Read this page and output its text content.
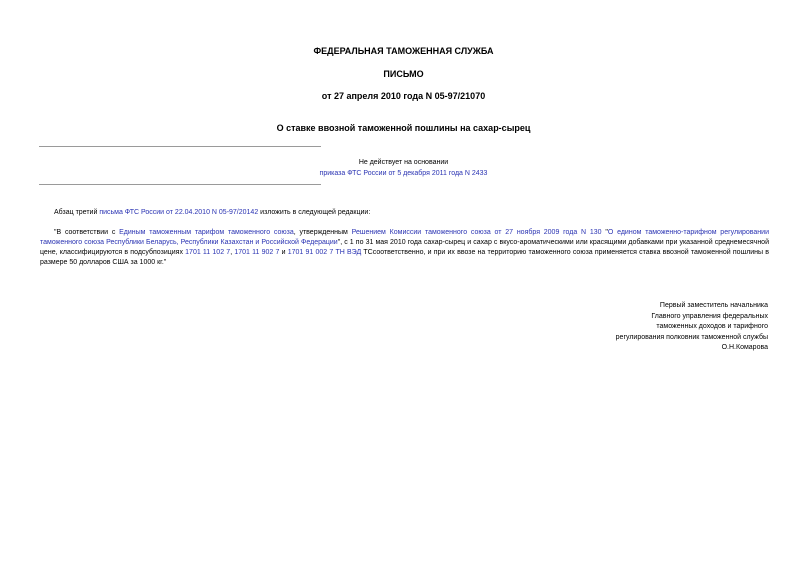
ФЕДЕРАЛЬНАЯ ТАМОЖЕННАЯ СЛУЖБА
ПИСЬМО
от 27 апреля 2010 года N 05-97/21070
О ставке ввозной таможенной пошлины на сахар-сырец
Не действует на основании
приказа ФТС России от 5 декабря 2011 года N 2433
Абзац третий письма ФТС России от 22.04.2010 N 05-97/20142 изложить в следующей редакции:
"В соответствии с Единым таможенным тарифом таможенного союза, утвержденным Решением Комиссии таможенного союза от 27 ноября 2009 года N 130 "О едином таможенно-тарифном регулировании таможенного союза Республики Беларусь, Республики Казахстан и Российской Федерации", с 1 по 31 мая 2010 года сахар-сырец и сахар с вкусо-ароматическими или красящими добавками при указанной среднемесячной цене, классифицируются в подсубпозициях 1701 11 102 7, 1701 11 902 7 и 1701 91 002 7 ТН ВЭД ТСсоответственно, и при их ввозе на территорию таможенного союза применяется ставка ввозной таможенной пошлины в размере 50 долларов США за 1000 кг."
Первый заместитель начальника
Главного управления федеральных
таможенных доходов и тарифного
регулирования полковник таможенной службы
О.Н.Комарова
